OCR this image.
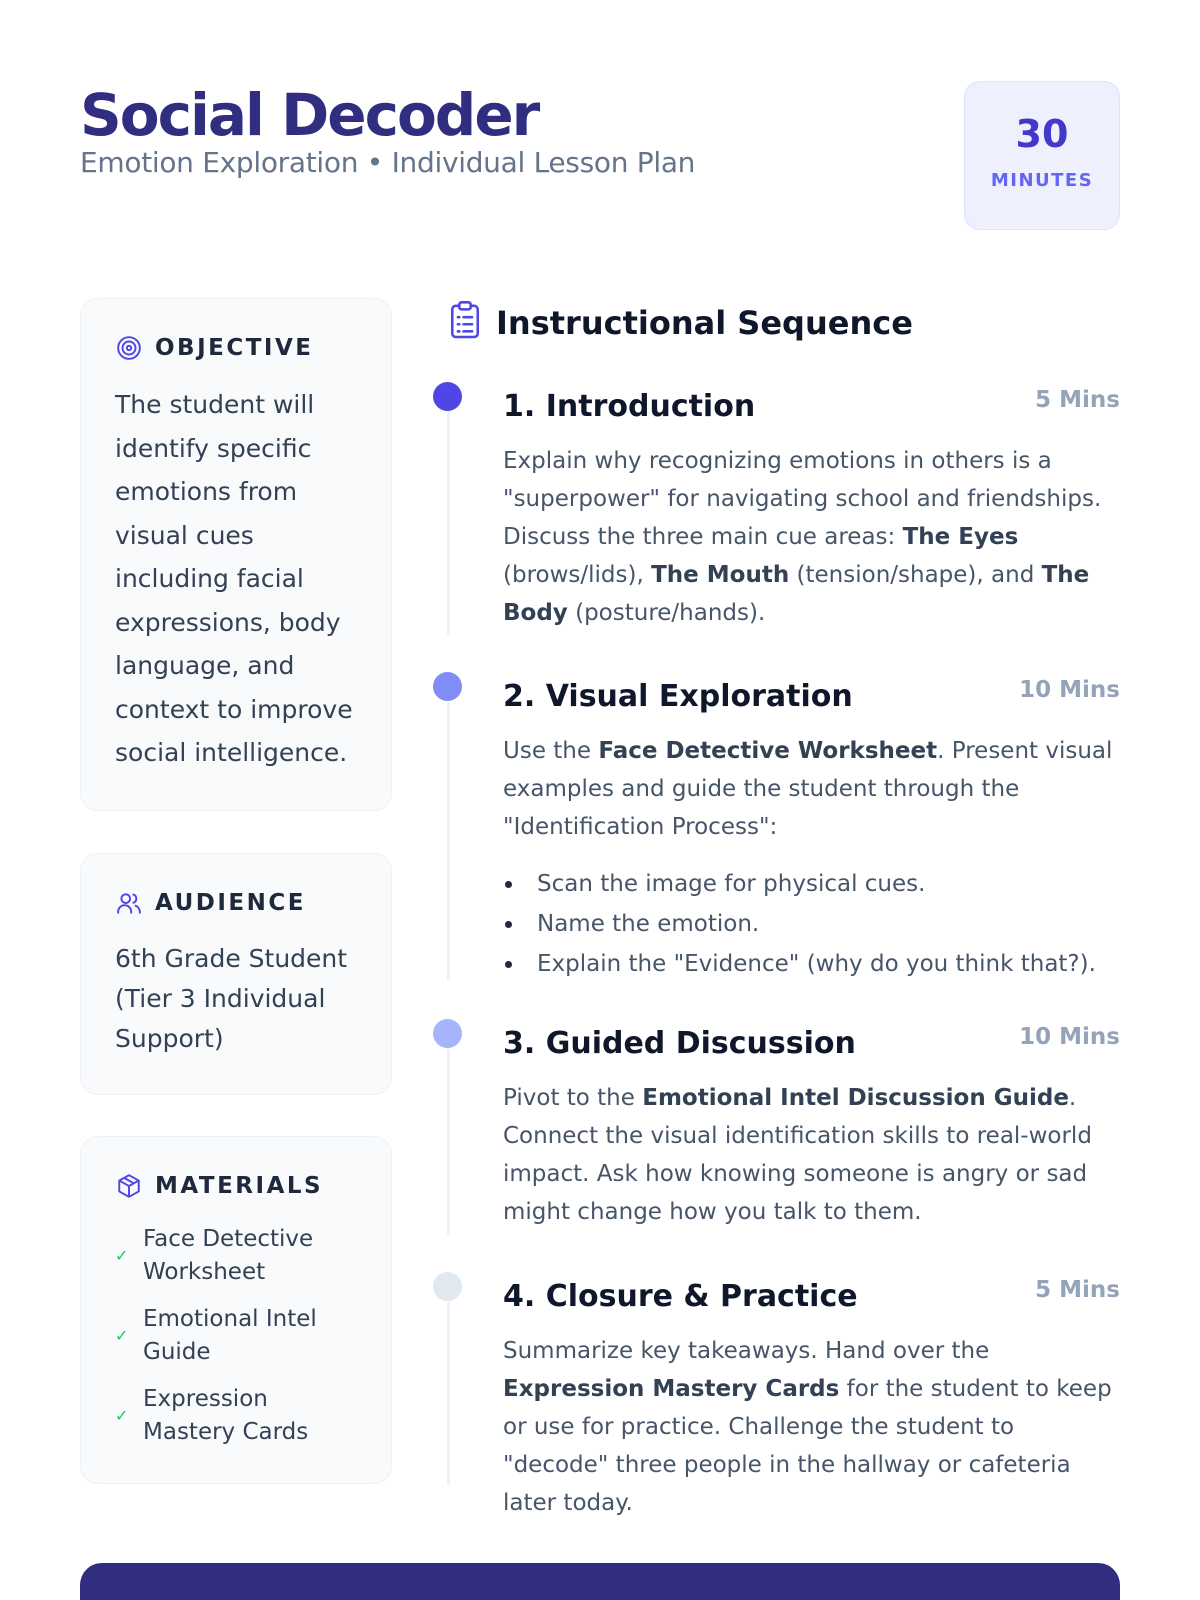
Social Decoder
Emotion Exploration • Individual Lesson Plan
30
MINUTES
OBJECTIVE

The student will identify specific emotions from visual cues including facial expressions, body language, and context to improve social intelligence.

AUDIENCE

6th Grade Student (Tier 3 Individual Support)

MATERIALS
✓
Face Detective Worksheet
✓
Emotional Intel Guide
✓
Expression Mastery Cards
Instructional Sequence
1. Introduction	5 Mins

Explain why recognizing emotions in others is a "superpower" for navigating school and friendships. Discuss the three main cue areas: The Eyes (brows/lids), The Mouth (tension/shape), and The Body (posture/hands).

2. Visual Exploration	10 Mins

Use the Face Detective Worksheet. Present visual examples and guide the student through the "Identification Process":

Scan the image for physical cues.
Name the emotion.
Explain the "Evidence" (why do you think that?).
3. Guided Discussion	10 Mins

Pivot to the Emotional Intel Discussion Guide. Connect the visual identification skills to real-world impact. Ask how knowing someone is angry or sad might change how you talk to them.

4. Closure & Practice	5 Mins

Summarize key takeaways. Hand over the Expression Mastery Cards for the student to keep or use for practice. Challenge the student to "decode" three people in the hallway or cafeteria later today.
